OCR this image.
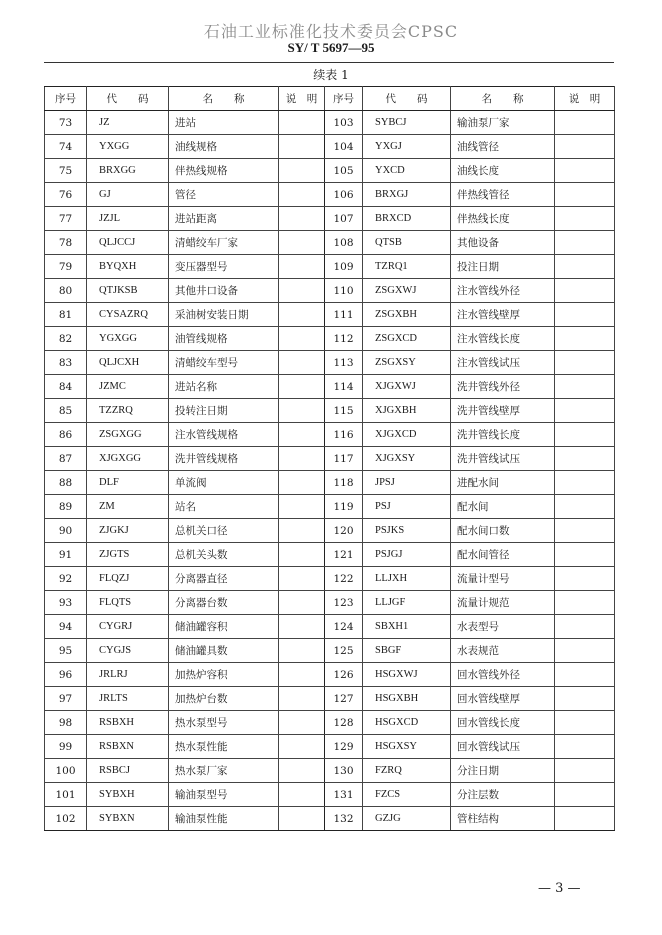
石油工业标准化技术委员会CPSC
SY/ T 5697—95
续表 1
序号	代　　码	名　　称	说　明	序号	代　　码	名　　称	说　明
73	JZ	进站		103	SYBCJ	输油泵厂家	
74	YXGG	油线规格		104	YXGJ	油线管径	
75	BRXGG	伴热线规格		105	YXCD	油线长度	
76	GJ	管径		106	BRXGJ	伴热线管径	
77	JZJL	进站距离		107	BRXCD	伴热线长度	
78	QLJCCJ	清蜡绞车厂家		108	QTSB	其他设备	
79	BYQXH	变压器型号		109	TZRQ1	投注日期	
80	QTJKSB	其他井口设备		110	ZSGXWJ	注水管线外径	
81	CYSAZRQ	采油树安装日期		111	ZSGXBH	注水管线壁厚	
82	YGXGG	油管线规格		112	ZSGXCD	注水管线长度	
83	QLJCXH	清蜡绞车型号		113	ZSGXSY	注水管线试压	
84	JZMC	进站名称		114	XJGXWJ	洗井管线外径	
85	TZZRQ	投转注日期		115	XJGXBH	洗井管线壁厚	
86	ZSGXGG	注水管线规格		116	XJGXCD	洗井管线长度	
87	XJGXGG	洗井管线规格		117	XJGXSY	洗井管线试压	
88	DLF	单流阀		118	JPSJ	进配水间	
89	ZM	站名		119	PSJ	配水间	
90	ZJGKJ	总机关口径		120	PSJKS	配水间口数	
91	ZJGTS	总机关头数		121	PSJGJ	配水间管径	
92	FLQZJ	分离器直径		122	LLJXH	流量计型号	
93	FLQTS	分离器台数		123	LLJGF	流量计规范	
94	CYGRJ	储油罐容积		124	SBXH1	水表型号	
95	CYGJS	储油罐具数		125	SBGF	水表规范	
96	JRLRJ	加热炉容积		126	HSGXWJ	回水管线外径	
97	JRLTS	加热炉台数		127	HSGXBH	回水管线壁厚	
98	RSBXH	热水泵型号		128	HSGXCD	回水管线长度	
99	RSBXN	热水泵性能		129	HSGXSY	回水管线试压	
100	RSBCJ	热水泵厂家		130	FZRQ	分注日期	
101	SYBXH	输油泵型号		131	FZCS	分注层数	
102	SYBXN	输油泵性能		132	GZJG	管柱结构	
— 3 —
